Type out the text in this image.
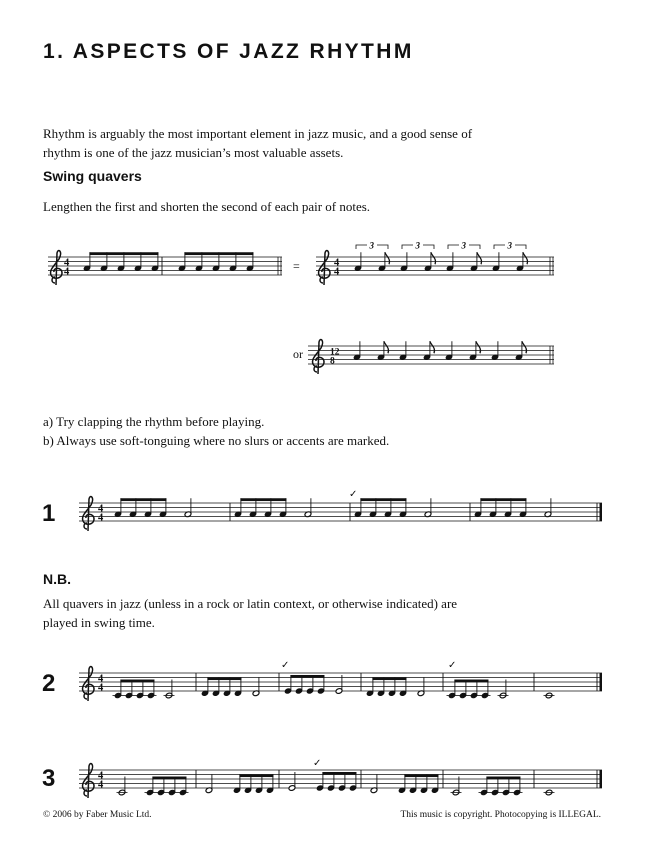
1. ASPECTS OF JAZZ RHYTHM
Rhythm is arguably the most important element in jazz music, and a good sense of
rhythm is one of the jazz musician’s most valuable assets.
Swing quavers
Lengthen the first and shorten the second of each pair of notes.
or
=
a) Try clapping the rhythm before playing.
b) Always use soft-tonguing where no slurs or accents are marked.
N.B.
All quavers in jazz (unless in a rock or latin context, or otherwise indicated) are
played in swing time.
1
2
3
© 2006 by Faber Music Ltd.	This music is copyright. Photocopying is ILLEGAL.
4
4
4
4
3	3	3	3
12
8
4
4
✓
4
4
✓	✓
4
4
✓
